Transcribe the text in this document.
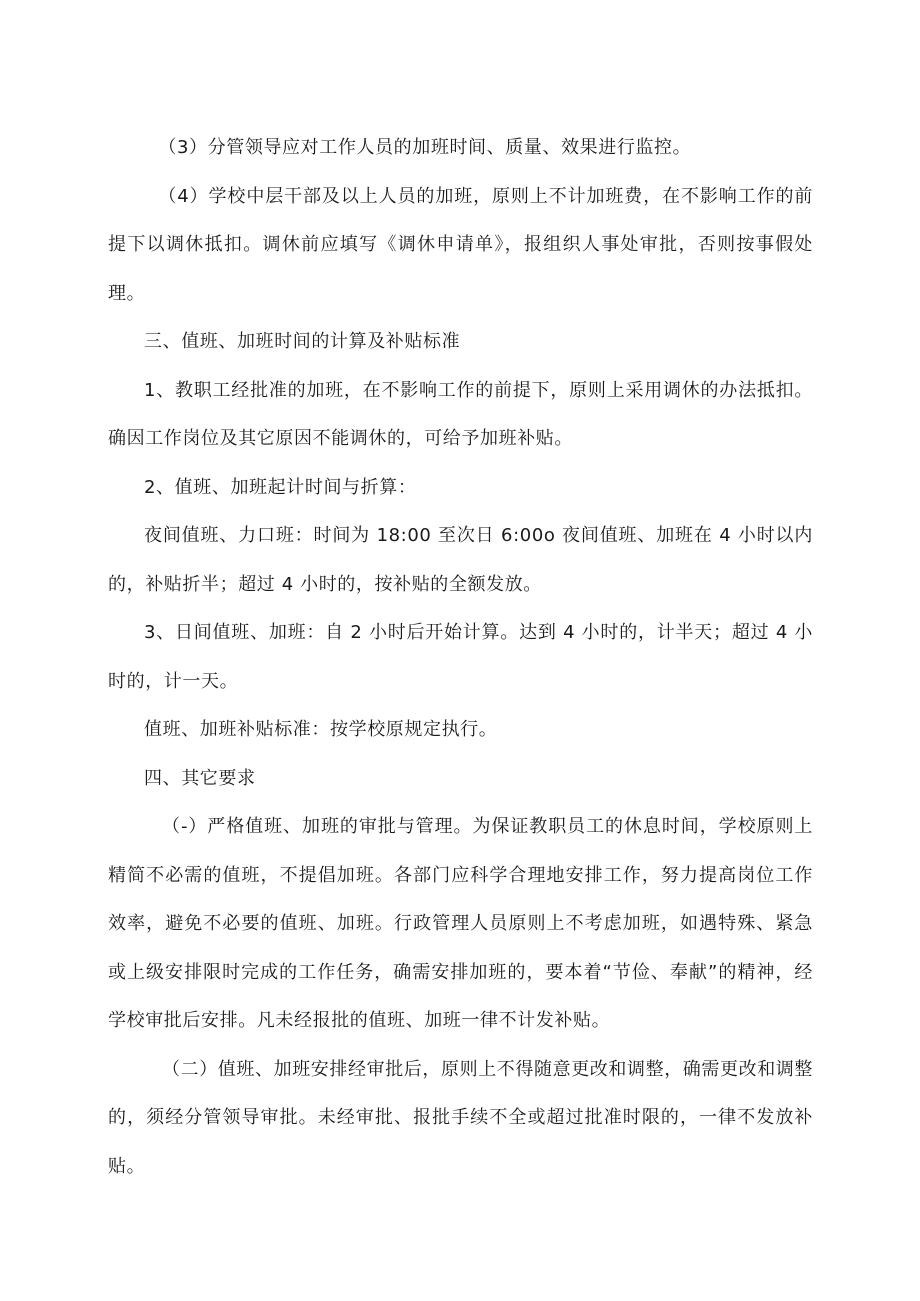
（3）分管领导应对工作人员的加班时间、质量、效果进行监控。

（4）学校中层干部及以上人员的加班，原则上不计加班费，在不影响工作的前提下以调休抵扣。调休前应填写《调休申请单》，报组织人事处审批，否则按事假处理。

三、值班、加班时间的计算及补贴标准

1、教职工经批准的加班，在不影响工作的前提下，原则上采用调休的办法抵扣。确因工作岗位及其它原因不能调休的，可给予加班补贴。

2、值班、加班起计时间与折算：

夜间值班、力口班：时间为 18:00 至次日 6:00o 夜间值班、加班在 4 小时以内的，补贴折半；超过 4 小时的，按补贴的全额发放。

3、日间值班、加班：自 2 小时后开始计算。达到 4 小时的，计半天；超过 4 小时的，计一天。

值班、加班补贴标准：按学校原规定执行。

四、其它要求

（-）严格值班、加班的审批与管理。为保证教职员工的休息时间，学校原则上精简不必需的值班，不提倡加班。各部门应科学合理地安排工作，努力提高岗位工作效率，避免不必要的值班、加班。行政管理人员原则上不考虑加班，如遇特殊、紧急或上级安排限时完成的工作任务，确需安排加班的，要本着“节俭、奉献”的精神，经学校审批后安排。凡未经报批的值班、加班一律不计发补贴。

（二）值班、加班安排经审批后，原则上不得随意更改和调整，确需更改和调整的，须经分管领导审批。未经审批、报批手续不全或超过批准时限的，一律不发放补贴。
